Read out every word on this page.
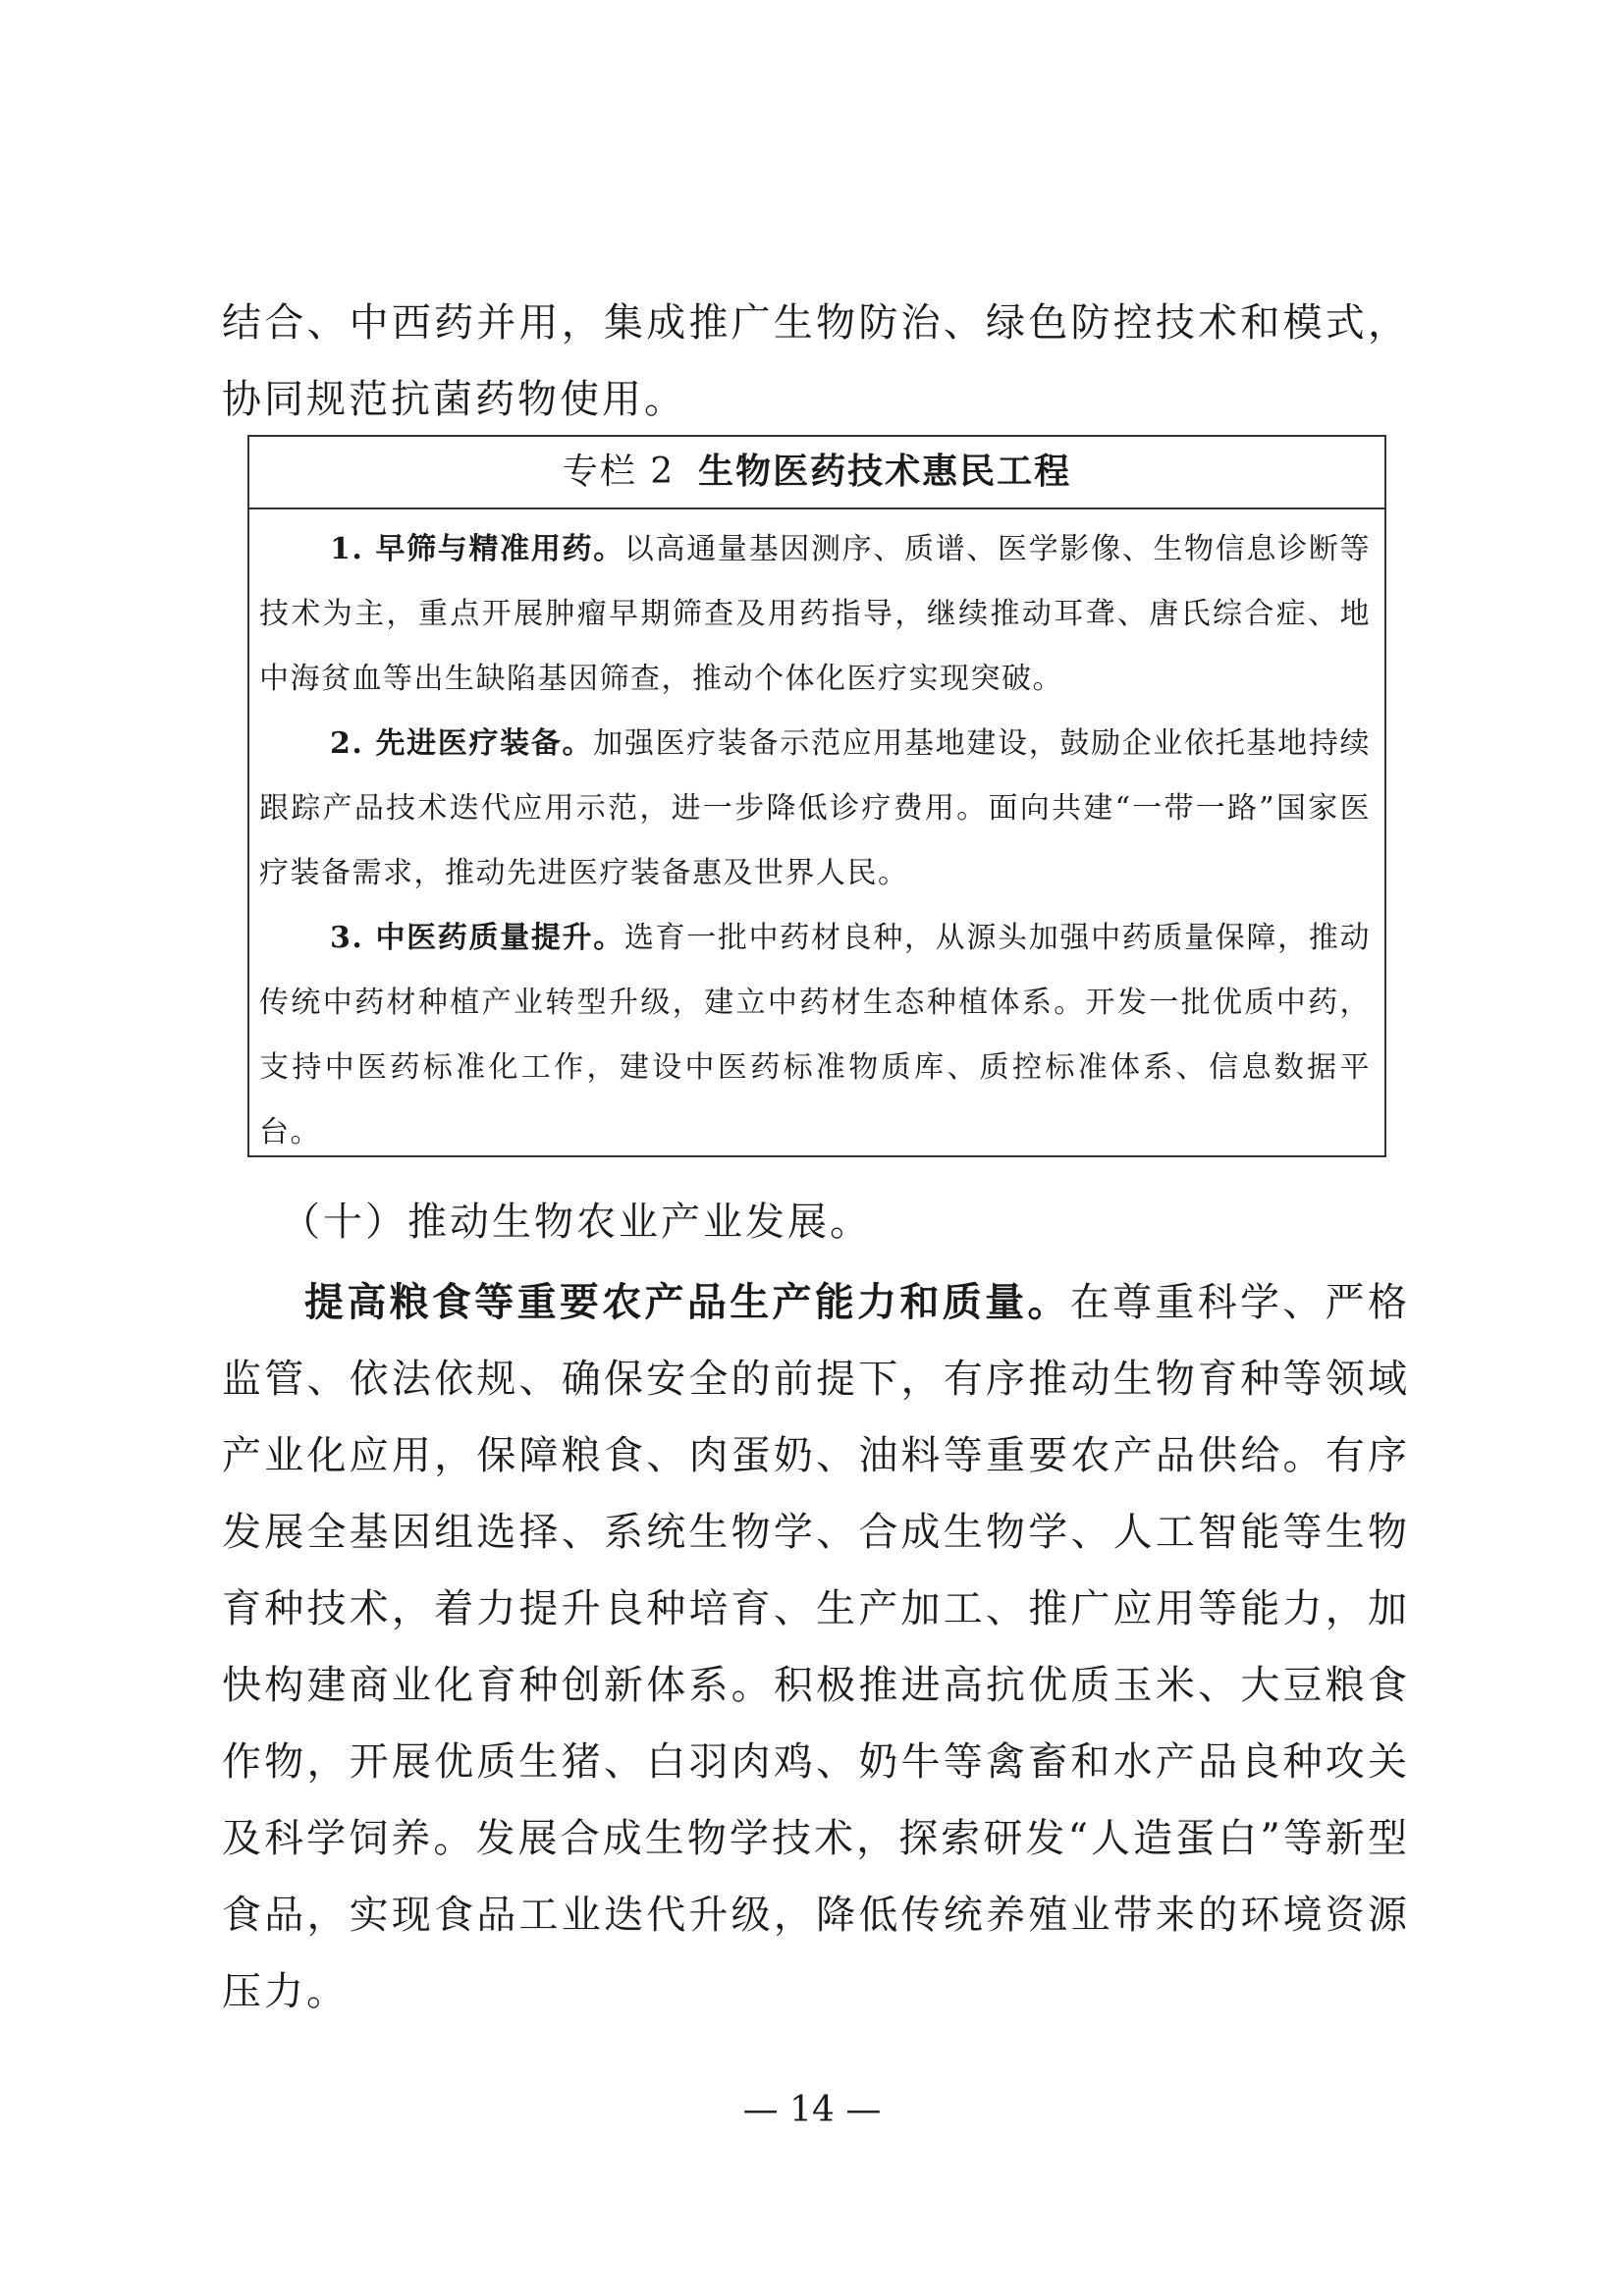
结合、中西药并用，集成推广生物防治、绿色防控技术和模式，协同规范抗菌药物使用。

专栏 2 生物医药技术惠民工程

1. 早筛与精准用药。以高通量基因测序、质谱、医学影像、生物信息诊断等技术为主，重点开展肿瘤早期筛查及用药指导，继续推动耳聋、唐氏综合症、地中海贫血等出生缺陷基因筛查，推动个体化医疗实现突破。

2. 先进医疗装备。加强医疗装备示范应用基地建设，鼓励企业依托基地持续跟踪产品技术迭代应用示范，进一步降低诊疗费用。面向共建“一带一路”国家医疗装备需求，推动先进医疗装备惠及世界人民。

3. 中医药质量提升。选育一批中药材良种，从源头加强中药质量保障，推动传统中药材种植产业转型升级，建立中药材生态种植体系。开发一批优质中药，支持中医药标准化工作，建设中医药标准物质库、质控标准体系、信息数据平台。

（十）推动生物农业产业发展。

提高粮食等重要农产品生产能力和质量。在尊重科学、严格监管、依法依规、确保安全的前提下，有序推动生物育种等领域产业化应用，保障粮食、肉蛋奶、油料等重要农产品供给。有序发展全基因组选择、系统生物学、合成生物学、人工智能等生物育种技术，着力提升良种培育、生产加工、推广应用等能力，加快构建商业化育种创新体系。积极推进高抗优质玉米、大豆粮食作物，开展优质生猪、白羽肉鸡、奶牛等禽畜和水产品良种攻关及科学饲养。发展合成生物学技术，探索研发“人造蛋白”等新型食品，实现食品工业迭代升级，降低传统养殖业带来的环境资源压力。

— 14 —
